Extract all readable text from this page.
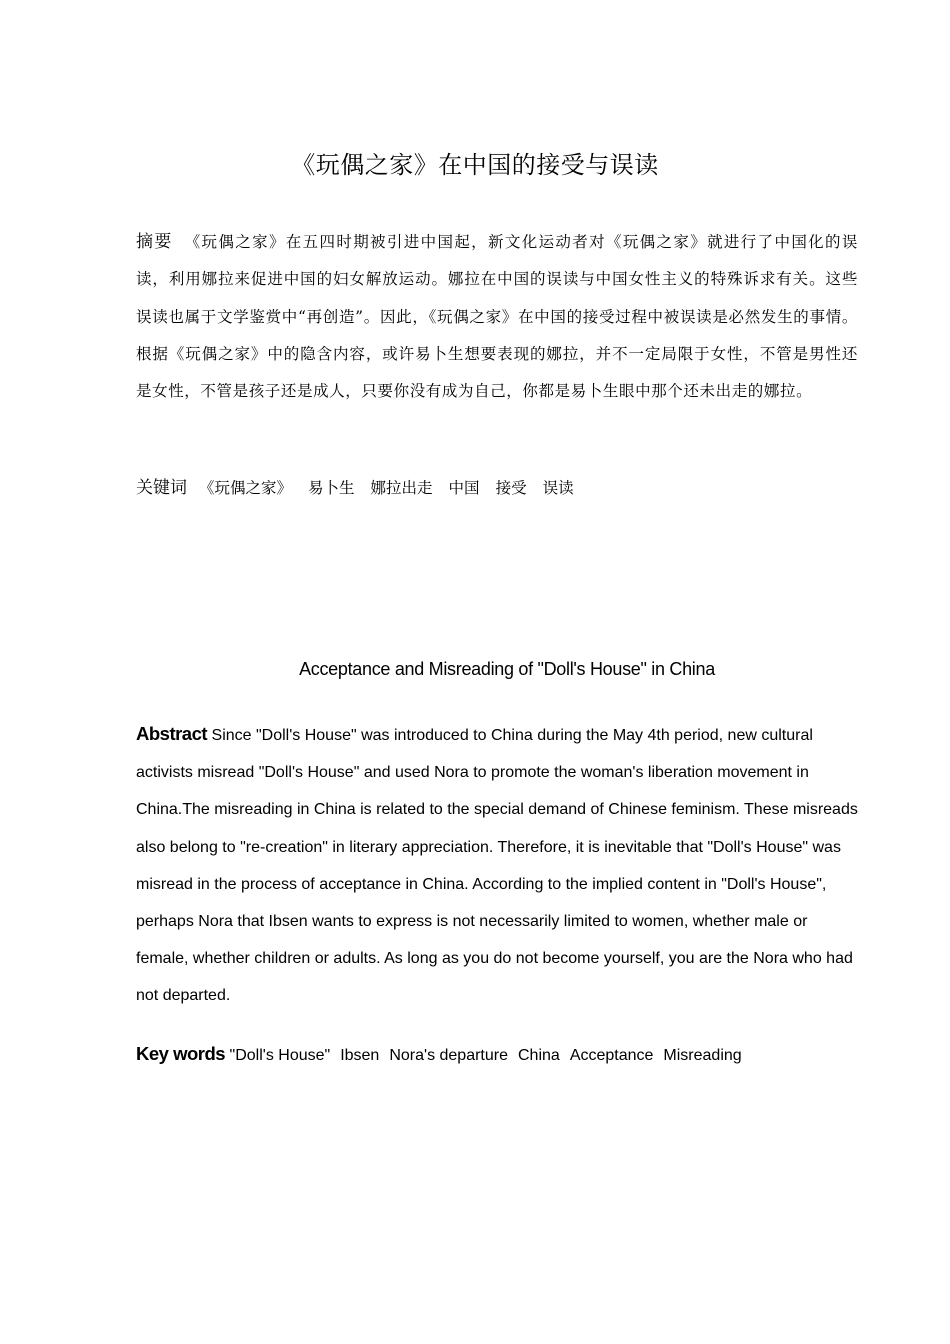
《玩偶之家》在中国的接受与误读
摘要 《玩偶之家》在五四时期被引进中国起，新文化运动者对《玩偶之家》就进行了中国化的误读，利用娜拉来促进中国的妇女解放运动。娜拉在中国的误读与中国女性主义的特殊诉求有关。这些误读也属于文学鉴赏中“再创造”。因此，《玩偶之家》在中国的接受过程中被误读是必然发生的事情。根据《玩偶之家》中的隐含内容，或许易卜生想要表现的娜拉，并不一定局限于女性，不管是男性还是女性，不管是孩子还是成人，只要你没有成为自己，你都是易卜生眼中那个还未出走的娜拉。
关键词 《玩偶之家》 易卜生 娜拉出走 中国 接受 误读
Acceptance and Misreading of "Doll's House" in China
Abstract Since "Doll's House" was introduced to China during the May 4th period, new cultural activists misread "Doll's House" and used Nora to promote the woman's liberation movement in China.The misreading in China is related to the special demand of Chinese feminism. These misreads also belong to "re-creation" in literary appreciation. Therefore, it is inevitable that "Doll's House" was misread in the process of acceptance in China. According to the implied content in "Doll's House", perhaps Nora that Ibsen wants to express is not necessarily limited to women, whether male or female, whether children or adults. As long as you do not become yourself, you are the Nora who had not departed.
Key words "Doll's House" Ibsen Nora's departure China Acceptance Misreading
